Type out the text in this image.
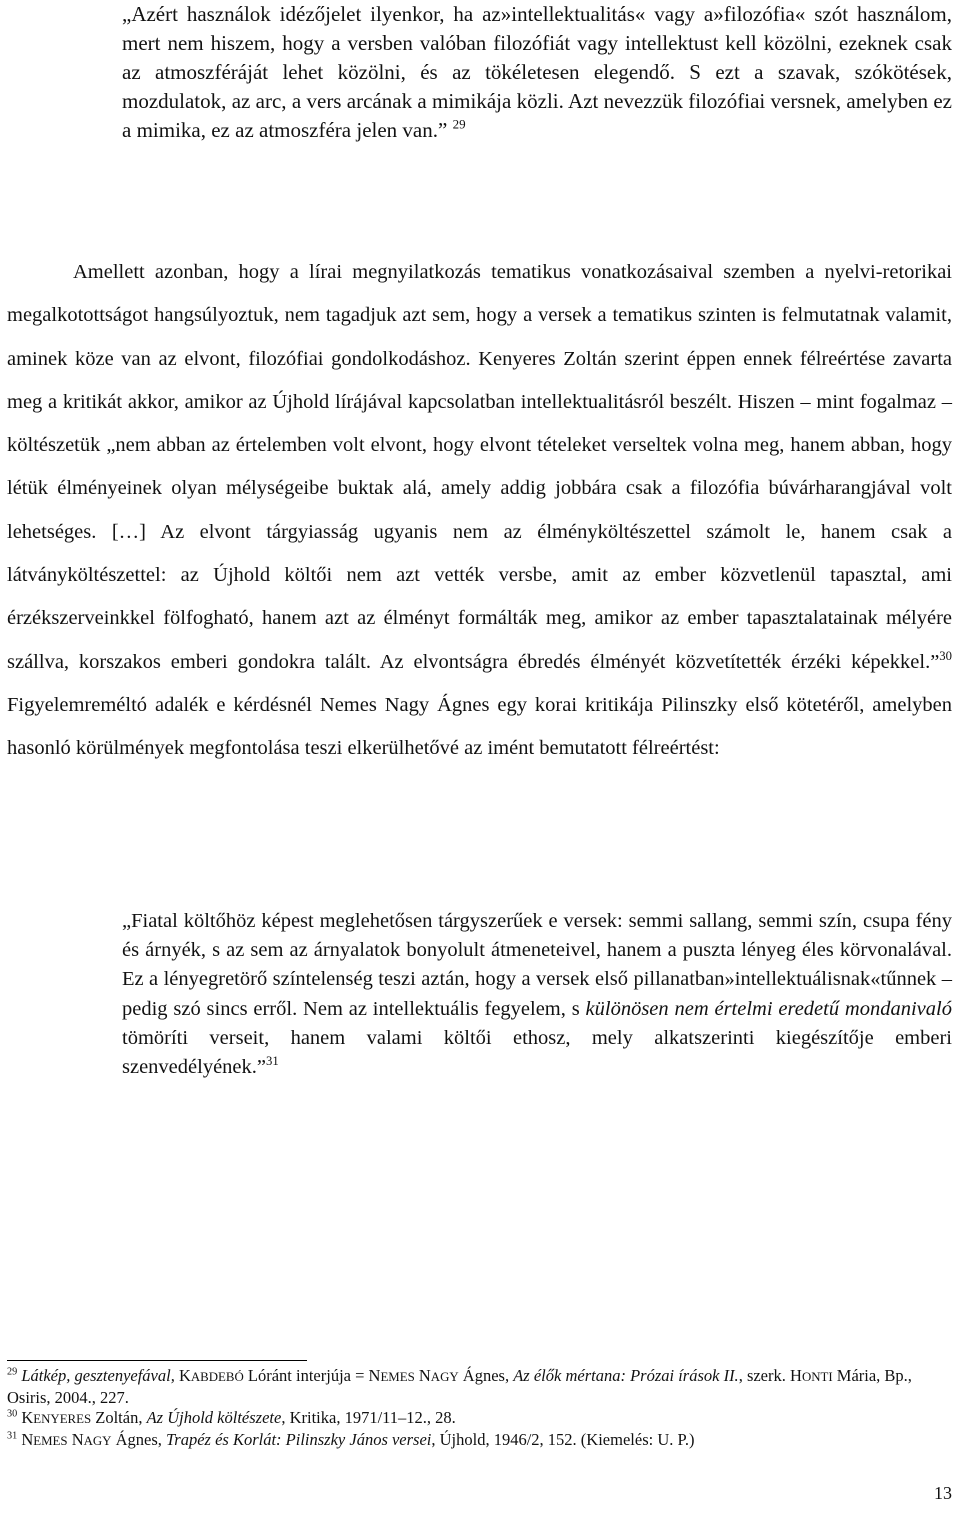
„Azért használok idézőjelet ilyenkor, ha az»intellektualitás« vagy a»filozófia« szót használom, mert nem hiszem, hogy a versben valóban filozófiát vagy intellektust kell közölni, ezeknek csak az atmoszféráját lehet közölni, és az tökéletesen elegendő. S ezt a szavak, szókötések, mozdulatok, az arc, a vers arcának a mimikája közli. Azt nevezzük filozófiai versnek, amelyben ez a mimika, ez az atmoszféra jelen van.” $^{29}$
Amellett azonban, hogy a lírai megnyilatkozás tematikus vonatkozásaival szemben a nyelvi-retorikai megalkotottságot hangsúlyoztuk, nem tagadjuk azt sem, hogy a versek a tematikus szinten is felmutatnak valamit, aminek köze van az elvont, filozófiai gondolkodáshoz. Kenyeres Zoltán szerint éppen ennek félreértése zavarta meg a kritikát akkor, amikor az Újhold lírájával kapcsolatban intellektualitásról beszélt. Hiszen – mint fogalmaz – költészetük „nem abban az értelemben volt elvont, hogy elvont tételeket verseltek volna meg, hanem abban, hogy létük élményeinek olyan mélységeibe buktak alá, amely addig jobbára csak a filozófia búvárharangjával volt lehetséges. […] Az elvont tárgyiasság ugyanis nem az élményköltészettel számolt le, hanem csak a látványköltészettel: az Újhold költői nem azt vették versbe, amit az ember közvetlenül tapasztal, ami érzékszerveinkkel fölfogható, hanem azt az élményt formálták meg, amikor az ember tapasztalatainak mélyére szállva, korszakos emberi gondokra talált. Az elvontságra ébredés élményét közvetítették érzéki képekkel.”$^{30}$ Figyelemreméltó adalék e kérdésnél Nemes Nagy Ágnes egy korai kritikája Pilinszky első kötetéről, amelyben hasonló körülmények megfontolása teszi elkerülhetővé az imént bemutatott félreértést:
„Fiatal költőhöz képest meglehetősen tárgyszerűek e versek: semmi sallang, semmi szín, csupa fény és árnyék, s az sem az árnyalatok bonyolult átmeneteivel, hanem a puszta lényeg éles körvonalával. Ez a lényegretörő színtelenség teszi aztán, hogy a versek első pillanatban»intellektuálisnak«tűnnek – pedig szó sincs erről. Nem az intellektuális fegyelem, s különösen nem értelmi eredetű mondanivaló tömöríti verseit, hanem valami költői ethosz, mely alkatszerinti kiegészítője emberi szenvedélyének.”$^{31}$

$^{29}$ Látkép, gesztenyefával, KABDEBÓ Lóránt interjúja = NEMES NAGY Ágnes, Az élők mértana: Prózai írások II., szerk. HONTI Mária, Bp., Osiris, 2004., 227.

$^{30}$ KENYERES Zoltán, Az Újhold költészete, Kritika, 1971/11–12., 28.

$^{31}$ NEMES NAGY Ágnes, Trapéz és Korlát: Pilinszky János versei, Újhold, 1946/2, 152. (Kiemelés: U. P.)

13
